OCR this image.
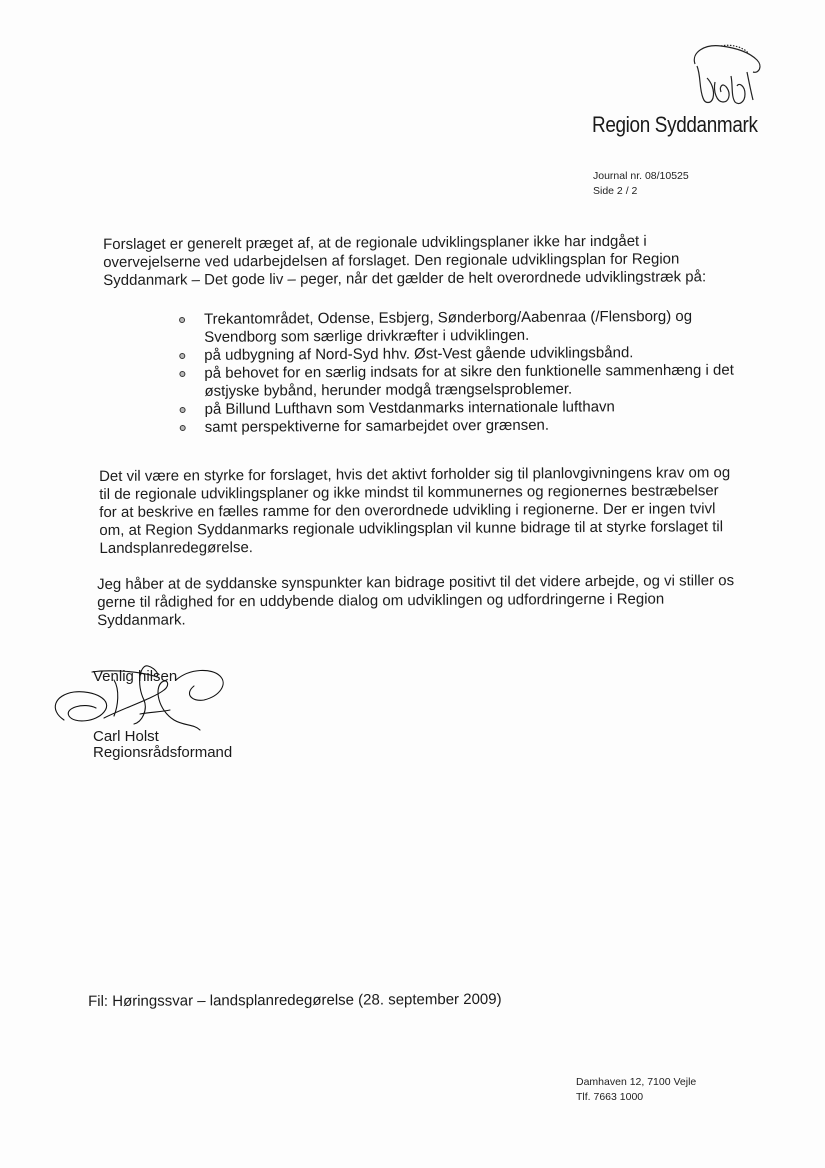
Region Syddanmark
Journal nr. 08/10525
Side 2 / 2

Forslaget er generelt præget af, at de regionale udviklingsplaner ikke har indgået i overvejelserne ved udarbejdelsen af forslaget. Den regionale udviklingsplan for Region Syddanmark – Det gode liv – peger, når det gælder de helt overordnede udviklingstræk på:

Trekantområdet, Odense, Esbjerg, Sønderborg/Aabenraa (/Flensborg) og Svendborg som særlige drivkræfter i udviklingen.
på udbygning af Nord-Syd hhv. Øst-Vest gående udviklingsbånd.
på behovet for en særlig indsats for at sikre den funktionelle sammenhæng i det østjyske bybånd, herunder modgå trængselsproblemer.
på Billund Lufthavn som Vestdanmarks internationale lufthavn
samt perspektiverne for samarbejdet over grænsen.

Det vil være en styrke for forslaget, hvis det aktivt forholder sig til planlovgivningens krav om og til de regionale udviklingsplaner og ikke mindst til kommunernes og regionernes bestræbelser for at beskrive en fælles ramme for den overordnede udvikling i regionerne. Der er ingen tvivl om, at Region Syddanmarks regionale udviklingsplan vil kunne bidrage til at styrke forslaget til Landsplanredegørelse.

Jeg håber at de syddanske synspunkter kan bidrage positivt til det videre arbejde, og vi stiller os gerne til rådighed for en uddybende dialog om udviklingen og udfordringerne i Region Syddanmark.

Venlig hilsen
Carl Holst
Regionsrådsformand
Fil: Høringssvar – landsplanredegørelse (28. september 2009)
Damhaven 12, 7100 Vejle
Tlf. 7663 1000
